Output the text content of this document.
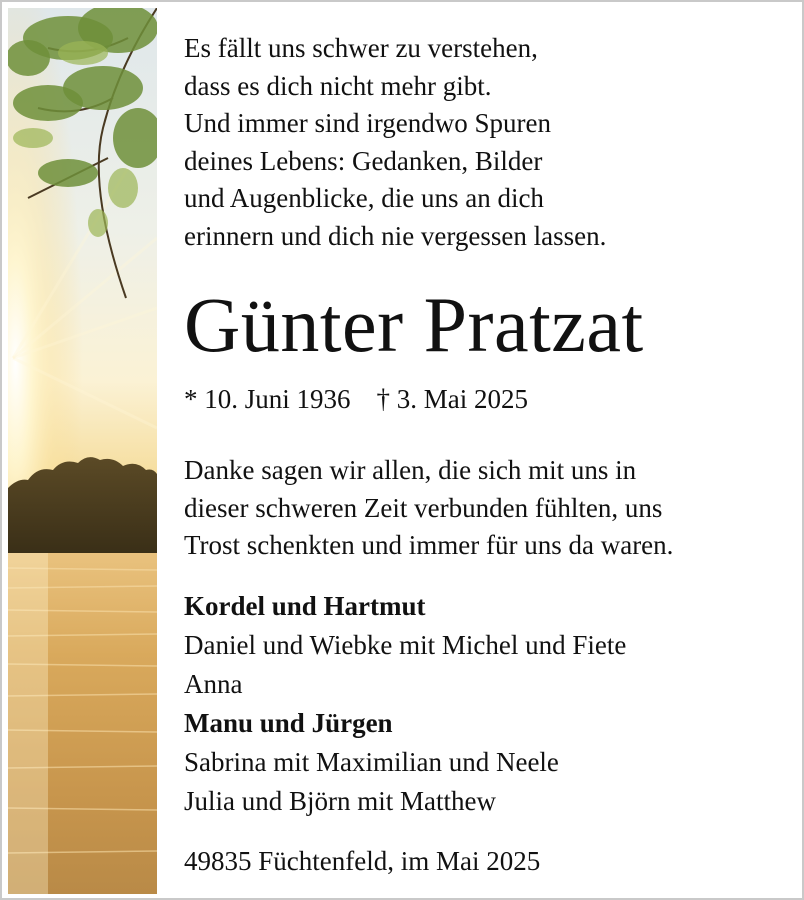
Es fällt uns schwer zu verstehen,
dass es dich nicht mehr gibt.
Und immer sind irgendwo Spuren
deines Lebens: Gedanken, Bilder
und Augenblicke, die uns an dich
erinnern und dich nie vergessen lassen.
Günter Pratzat
* 10. Juni 1936 † 3. Mai 2025
Danke sagen wir allen, die sich mit uns in
dieser schweren Zeit verbunden fühlten, uns
Trost schenkten und immer für uns da waren.
Kordel und Hartmut
Daniel und Wiebke mit Michel und Fiete
Anna
Manu und Jürgen
Sabrina mit Maximilian und Neele
Julia und Björn mit Matthew
49835 Füchtenfeld, im Mai 2025
